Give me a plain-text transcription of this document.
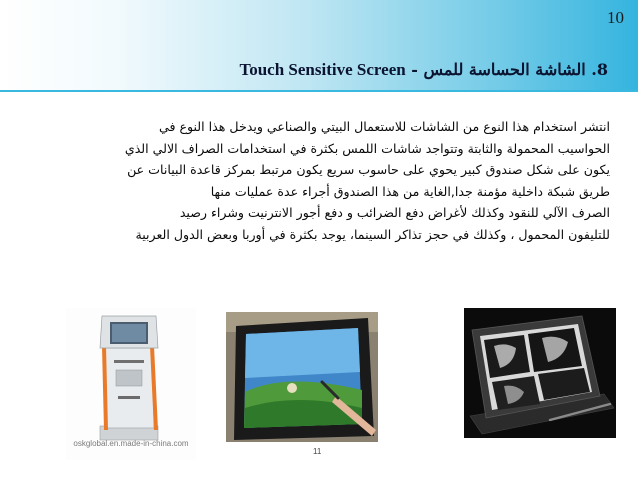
10
8. الشاشة الحساسة للمس - Touch Sensitive Screen
انتشر استخدام هذا النوع من الشاشات للاستعمال البيتي والصناعي ويدخل هذا النوع في
الحواسيب المحمولة والثابتة وتتواجد شاشات اللمس بكثرة في استخدامات الصراف الالي الذي
يكون على شكل صندوق كبير يحوي على حاسوب سريع يكون مرتبط بمركز قاعدة البيانات عن
طريق شبكة داخلية مؤمنة جدا,الغاية من هذا الصندوق أجراء عدة عمليات منها
الصرف الآلي للنقود وكذلك لأغراض دفع الضرائب و دفع أجور الانترنيت وشراء رصيد
للتليفون المحمول ، وكذلك في حجز تذاكر السينما، يوجد بكثرة في أوربا وبعض الدول العربية
oskglobal.en.made-in-china.com
11
